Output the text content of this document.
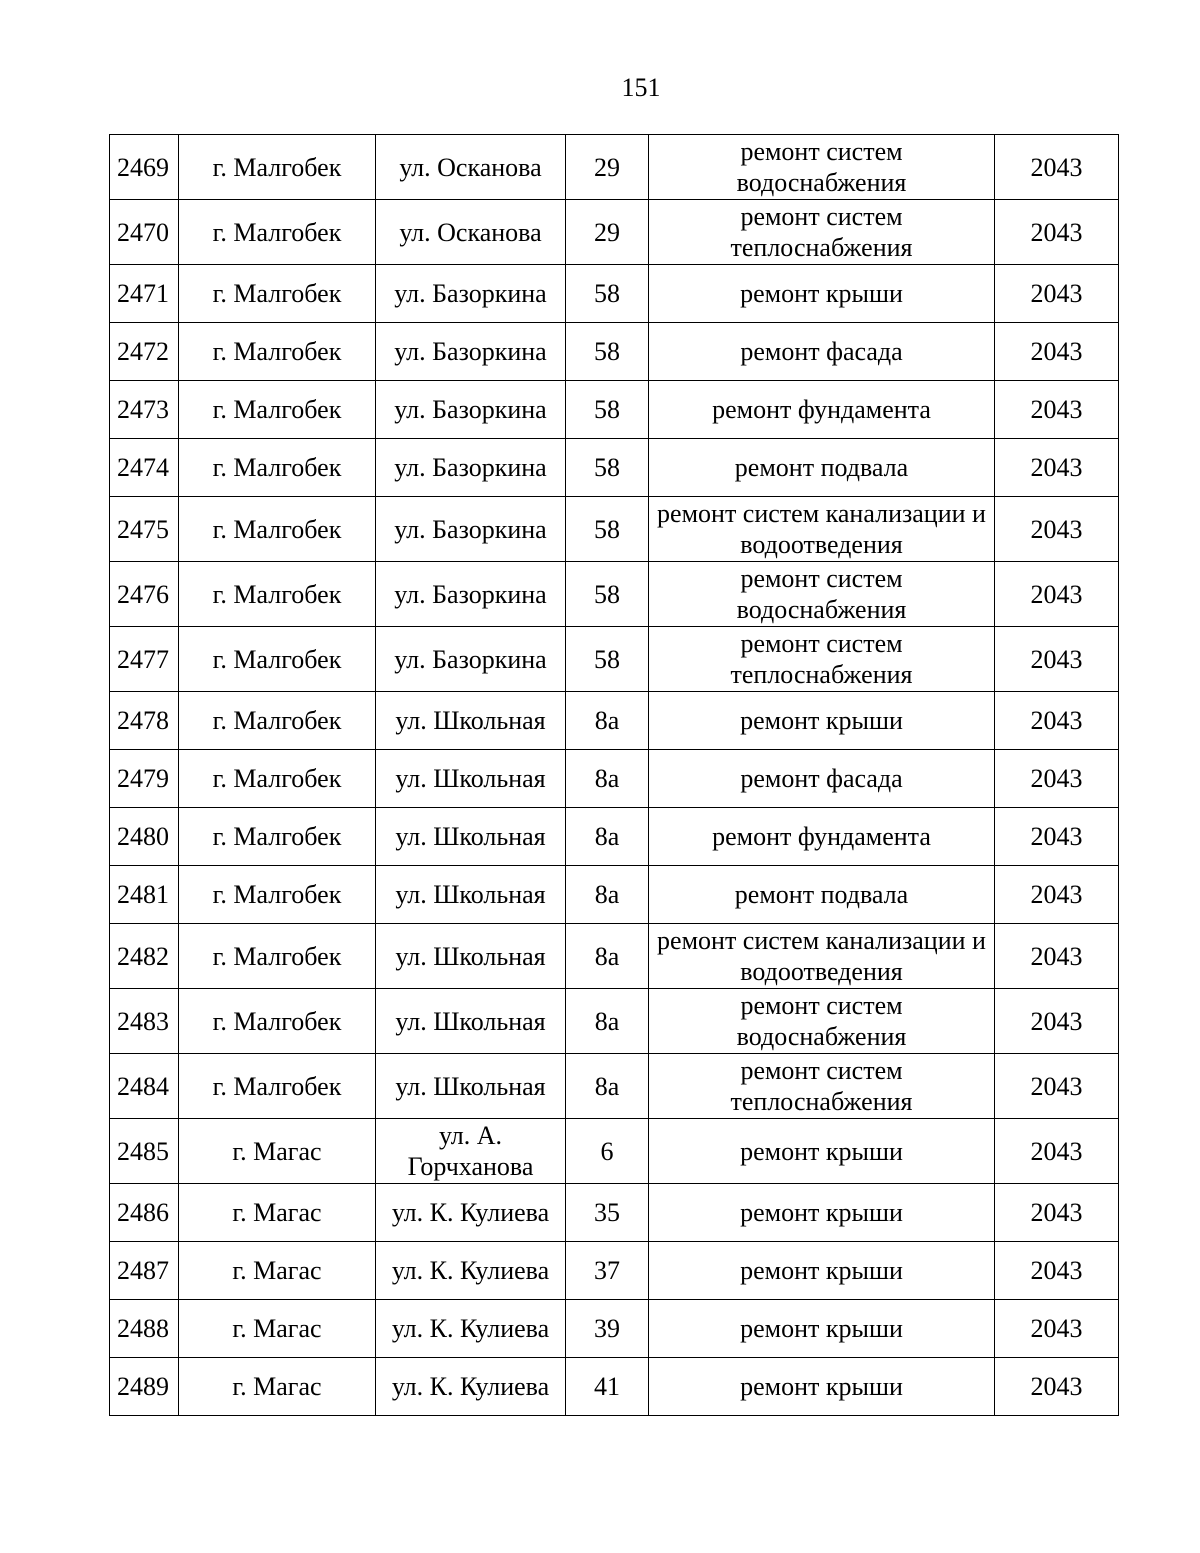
151
2469	г. Малгобек	ул. Осканова	29	ремонт систем водоснабжения	2043
2470	г. Малгобек	ул. Осканова	29	ремонт систем теплоснабжения	2043
2471	г. Малгобек	ул. Базоркина	58	ремонт крыши	2043
2472	г. Малгобек	ул. Базоркина	58	ремонт фасада	2043
2473	г. Малгобек	ул. Базоркина	58	ремонт фундамента	2043
2474	г. Малгобек	ул. Базоркина	58	ремонт подвала	2043
2475	г. Малгобек	ул. Базоркина	58	ремонт систем канализации и водоотведения	2043
2476	г. Малгобек	ул. Базоркина	58	ремонт систем водоснабжения	2043
2477	г. Малгобек	ул. Базоркина	58	ремонт систем теплоснабжения	2043
2478	г. Малгобек	ул. Школьная	8а	ремонт крыши	2043
2479	г. Малгобек	ул. Школьная	8а	ремонт фасада	2043
2480	г. Малгобек	ул. Школьная	8а	ремонт фундамента	2043
2481	г. Малгобек	ул. Школьная	8а	ремонт подвала	2043
2482	г. Малгобек	ул. Школьная	8а	ремонт систем канализации и водоотведения	2043
2483	г. Малгобек	ул. Школьная	8а	ремонт систем водоснабжения	2043
2484	г. Малгобек	ул. Школьная	8а	ремонт систем теплоснабжения	2043
2485	г. Магас	ул. А. Горчханова	6	ремонт крыши	2043
2486	г. Магас	ул. К. Кулиева	35	ремонт крыши	2043
2487	г. Магас	ул. К. Кулиева	37	ремонт крыши	2043
2488	г. Магас	ул. К. Кулиева	39	ремонт крыши	2043
2489	г. Магас	ул. К. Кулиева	41	ремонт крыши	2043
